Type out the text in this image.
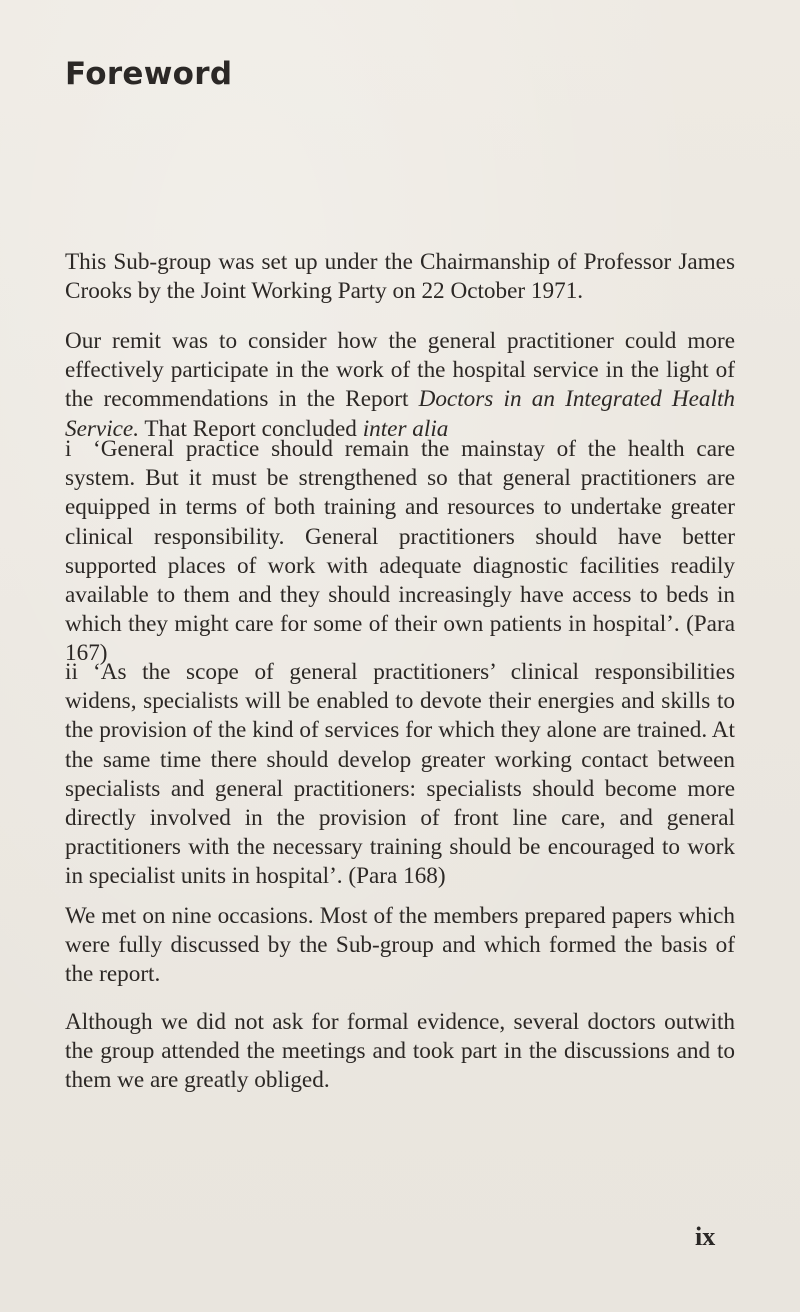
Foreword

This Sub-group was set up under the Chairmanship of Professor James Crooks by the Joint Working Party on 22 October 1971.

Our remit was to consider how the general practitioner could more effectively participate in the work of the hospital service in the light of the recommendations in the Report Doctors in an Integrated Health Service. That Report concluded inter alia

i ‘General practice should remain the mainstay of the health care system. But it must be strengthened so that general practitioners are equipped in terms of both training and resources to undertake greater clinical responsibility. General practitioners should have better supported places of work with adequate diagnostic facilities readily available to them and they should increasingly have access to beds in which they might care for some of their own patients in hospital’. (Para 167)

ii ‘As the scope of general practitioners’ clinical responsibilities widens, specialists will be enabled to devote their energies and skills to the provision of the kind of services for which they alone are trained. At the same time there should develop greater working contact between specialists and general practitioners: specialists should become more directly involved in the provision of front line care, and general practitioners with the necessary training should be encouraged to work in specialist units in hospital’. (Para 168)

We met on nine occasions. Most of the members prepared papers which were fully discussed by the Sub-group and which formed the basis of the report.

Although we did not ask for formal evidence, several doctors outwith the group attended the meetings and took part in the discussions and to them we are greatly obliged.

ix
